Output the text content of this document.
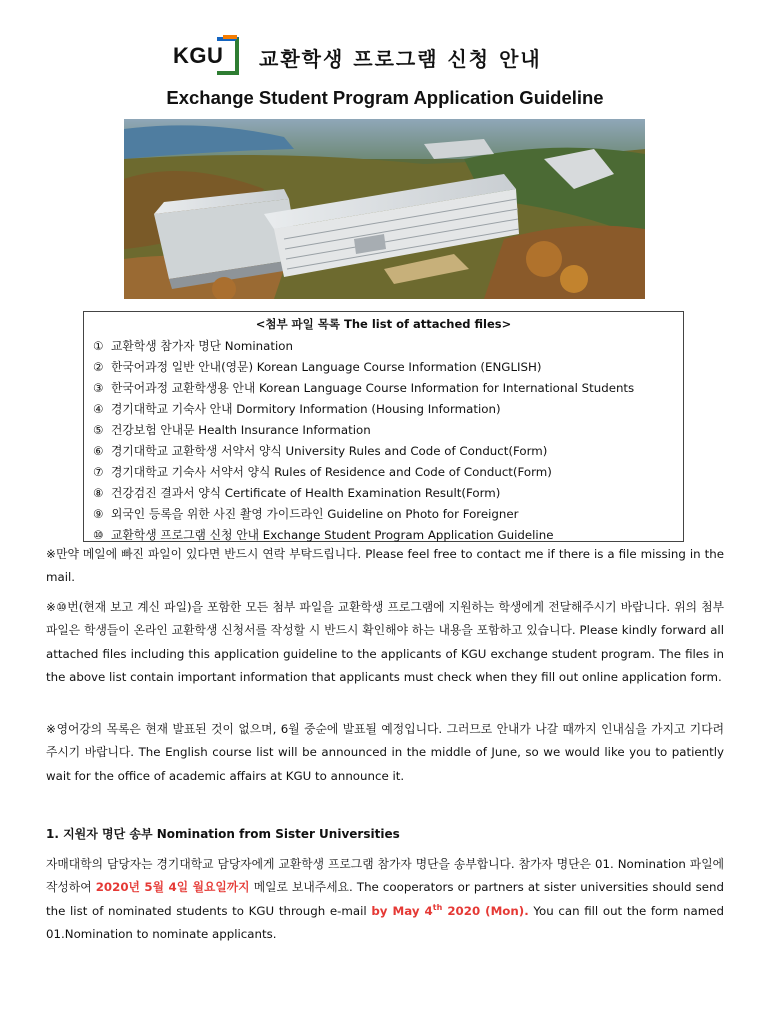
KGU 교환학생 프로그램 신청 안내
Exchange Student Program Application Guideline
<첨부 파일 목록 The list of attached files>
① 교환학생 참가자 명단 Nomination
② 한국어과정 일반 안내(영문) Korean Language Course Information (ENGLISH)
③ 한국어과정 교환학생용 안내 Korean Language Course Information for International Students
④ 경기대학교 기숙사 안내 Dormitory Information (Housing Information)
⑤ 건강보험 안내문 Health Insurance Information
⑥ 경기대학교 교환학생 서약서 양식 University Rules and Code of Conduct(Form)
⑦ 경기대학교 기숙사 서약서 양식 Rules of Residence and Code of Conduct(Form)
⑧ 건강검진 결과서 양식 Certificate of Health Examination Result(Form)
⑨ 외국인 등록을 위한 사진 촬영 가이드라인 Guideline on Photo for Foreigner
⑩ 교환학생 프로그램 신청 안내 Exchange Student Program Application Guideline
※만약 메일에 빠진 파일이 있다면 반드시 연락 부탁드립니다. Please feel free to contact me if there is a file missing in the mail.
※⑩번(현재 보고 계신 파일)을 포함한 모든 첨부 파일을 교환학생 프로그램에 지원하는 학생에게 전달해주시기 바랍니다. 위의 첨부 파일은 학생들이 온라인 교환학생 신청서를 작성할 시 반드시 확인해야 하는 내용을 포함하고 있습니다. Please kindly forward all attached files including this application guideline to the applicants of KGU exchange student program. The files in the above list contain important information that applicants must check when they fill out online application form.
※영어강의 목록은 현재 발표된 것이 없으며, 6월 중순에 발표될 예정입니다. 그러므로 안내가 나갈 때까지 인내심을 가지고 기다려 주시기 바랍니다. The English course list will be announced in the middle of June, so we would like you to patiently wait for the office of academic affairs at KGU to announce it.
1. 지원자 명단 송부 Nomination from Sister Universities
자매대학의 담당자는 경기대학교 담당자에게 교환학생 프로그램 참가자 명단을 송부합니다. 참가자 명단은 01. Nomination 파일에 작성하여 2020년 5월 4일 월요일까지 메일로 보내주세요. The cooperators or partners at sister universities should send the list of nominated students to KGU through e-mail by May 4th 2020 (Mon). You can fill out the form named 01.Nomination to nominate applicants.
